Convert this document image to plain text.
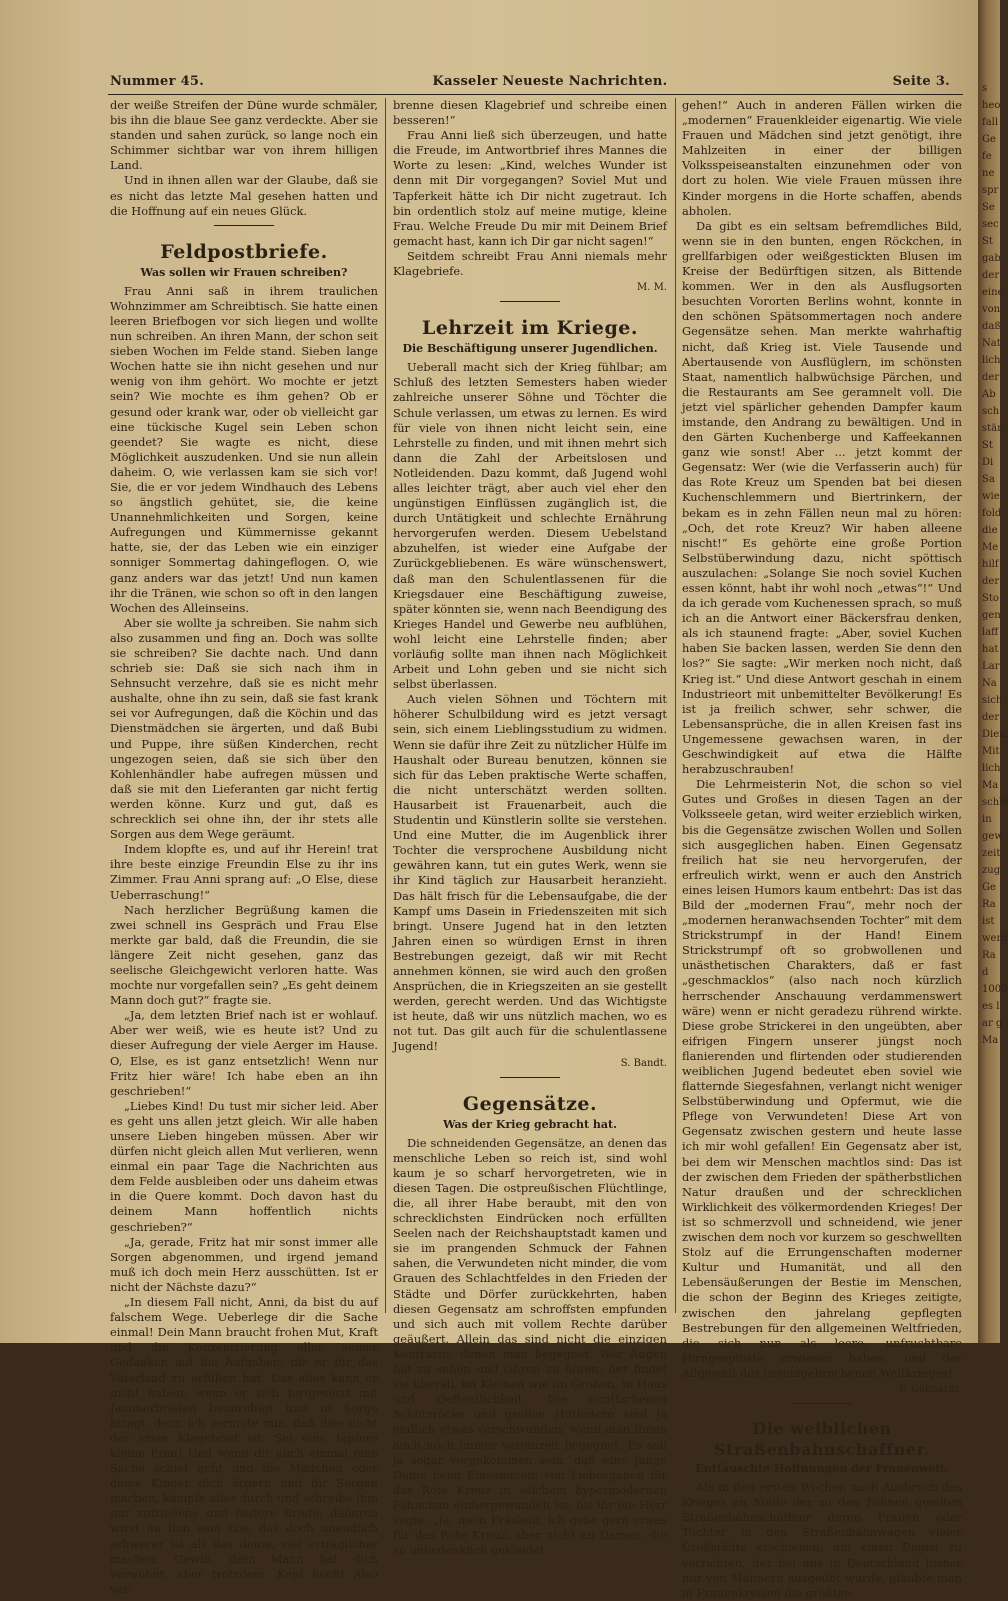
Nummer 45.	Kasseler Neueste Nachrichten.	Seite 3.

der weiße Streifen der Düne wurde schmäler, bis ihn die blaue See ganz verdeckte. Aber sie standen und sahen zurück, so lange noch ein Schimmer sichtbar war von ihrem hilligen Land.

Und in ihnen allen war der Glaube, daß sie es nicht das letzte Mal gesehen hatten und die Hoffnung auf ein neues Glück.

Feldpostbriefe.
Was sollen wir Frauen schreiben?

Frau Anni saß in ihrem traulichen Wohnzimmer am Schreibtisch. Sie hatte einen leeren Briefbogen vor sich liegen und wollte nun schreiben. An ihren Mann, der schon seit sieben Wochen im Felde stand. Sieben lange Wochen hatte sie ihn nicht gesehen und nur wenig von ihm gehört. Wo mochte er jetzt sein? Wie mochte es ihm gehen? Ob er gesund oder krank war, oder ob vielleicht gar eine tückische Kugel sein Leben schon geendet? Sie wagte es nicht, diese Möglichkeit auszudenken. Und sie nun allein daheim. O, wie verlassen kam sie sich vor! Sie, die er vor jedem Windhauch des Lebens so ängstlich gehütet, sie, die keine Unannehmlichkeiten und Sorgen, keine Aufregungen und Kümmernisse gekannt hatte, sie, der das Leben wie ein einziger sonniger Sommertag dahingeflogen. O, wie ganz anders war das jetzt! Und nun kamen ihr die Tränen, wie schon so oft in den langen Wochen des Alleinseins.

Aber sie wollte ja schreiben. Sie nahm sich also zusammen und fing an. Doch was sollte sie schreiben? Sie dachte nach. Und dann schrieb sie: Daß sie sich nach ihm in Sehnsucht verzehre, daß sie es nicht mehr aushalte, ohne ihn zu sein, daß sie fast krank sei vor Aufregungen, daß die Köchin und das Dienstmädchen sie ärgerten, und daß Bubi und Puppe, ihre süßen Kinderchen, recht ungezogen seien, daß sie sich über den Kohlenhändler habe aufregen müssen und daß sie mit den Lieferanten gar nicht fertig werden könne. Kurz und gut, daß es schrecklich sei ohne ihn, der ihr stets alle Sorgen aus dem Wege geräumt.

Indem klopfte es, und auf ihr Herein! trat ihre beste einzige Freundin Else zu ihr ins Zimmer. Frau Anni sprang auf: „O Else, diese Ueberraschung!“

Nach herzlicher Begrüßung kamen die zwei schnell ins Gespräch und Frau Else merkte gar bald, daß die Freundin, die sie längere Zeit nicht gesehen, ganz das seelische Gleichgewicht verloren hatte. Was mochte nur vorgefallen sein? „Es geht deinem Mann doch gut?“ fragte sie.

„Ja, dem letzten Brief nach ist er wohlauf. Aber wer weiß, wie es heute ist? Und zu dieser Aufregung der viele Aerger im Hause. O, Else, es ist ganz entsetzlich! Wenn nur Fritz hier wäre! Ich habe eben an ihn geschrieben!“

„Liebes Kind! Du tust mir sicher leid. Aber es geht uns allen jetzt gleich. Wir alle haben unsere Lieben hingeben müssen. Aber wir dürfen nicht gleich allen Mut verlieren, wenn einmal ein paar Tage die Nachrichten aus dem Felde ausbleiben oder uns daheim etwas in die Quere kommt. Doch davon hast du deinem Mann hoffentlich nichts geschrieben?“

„Ja, gerade, Fritz hat mir sonst immer alle Sorgen abgenommen, und irgend jemand muß ich doch mein Herz ausschütten. Ist er nicht der Nächste dazu?“

„In diesem Fall nicht, Anni, da bist du auf falschem Wege. Ueberlege dir die Sache einmal! Dein Mann braucht frohen Mut, Kraft und die Konzentrierung aller seiner Gedanken auf die Aufgaben, die er für das Vaterland zu erfüllen hat. Das alles kann er nicht haben, wenn er sich fortgesetzt mit Jammerbriefen beunruhigt und in Sorge bringt, denn ich vermute nun, daß dies nicht der erste Klagebrief ist. Sei eine tapfere kleine Frau! Und wenn dir auch einmal eine Sache schief geht und die Mädchen oder deine Kinder dich ärgern und dir Sorgen machen, kämpfe alles durch und schreibe ihm nur zufriedene und heitere Briefe; dadurch wirst du ihm sein Los, das doch unendlich schwerer ist als das deine, viel erträglicher machen. Gewiß, dein Mann hat dich verwöhnt, aber trotzdem: Kopf hoch! Also ver-

brenne diesen Klagebrief und schreibe einen besseren!“

Frau Anni ließ sich überzeugen, und hatte die Freude, im Antwortbrief ihres Mannes die Worte zu lesen: „Kind, welches Wunder ist denn mit Dir vorgegangen? Soviel Mut und Tapferkeit hätte ich Dir nicht zugetraut. Ich bin ordentlich stolz auf meine mutige, kleine Frau. Welche Freude Du mir mit Deinem Brief gemacht hast, kann ich Dir gar nicht sagen!“

Seitdem schreibt Frau Anni niemals mehr Klagebriefe.

M. M.
Lehrzeit im Kriege.
Die Beschäftigung unserer Jugendlichen.

Ueberall macht sich der Krieg fühlbar; am Schluß des letzten Semesters haben wieder zahlreiche unserer Söhne und Töchter die Schule verlassen, um etwas zu lernen. Es wird für viele von ihnen nicht leicht sein, eine Lehrstelle zu finden, und mit ihnen mehrt sich dann die Zahl der Arbeitslosen und Notleidenden. Dazu kommt, daß Jugend wohl alles leichter trägt, aber auch viel eher den ungünstigen Einflüssen zugänglich ist, die durch Untätigkeit und schlechte Ernährung hervorgerufen werden. Diesem Uebelstand abzuhelfen, ist wieder eine Aufgabe der Zurückgebliebenen. Es wäre wünschenswert, daß man den Schulentlassenen für die Kriegsdauer eine Beschäftigung zuweise, später könnten sie, wenn nach Beendigung des Krieges Handel und Gewerbe neu aufblühen, wohl leicht eine Lehrstelle finden; aber vorläufig sollte man ihnen nach Möglichkeit Arbeit und Lohn geben und sie nicht sich selbst überlassen.

Auch vielen Söhnen und Töchtern mit höherer Schulbildung wird es jetzt versagt sein, sich einem Lieblingsstudium zu widmen. Wenn sie dafür ihre Zeit zu nützlicher Hülfe im Haushalt oder Bureau benutzen, können sie sich für das Leben praktische Werte schaffen, die nicht unterschätzt werden sollten. Hausarbeit ist Frauenarbeit, auch die Studentin und Künstlerin sollte sie verstehen. Und eine Mutter, die im Augenblick ihrer Tochter die versprochene Ausbildung nicht gewähren kann, tut ein gutes Werk, wenn sie ihr Kind täglich zur Hausarbeit heranzieht. Das hält frisch für die Lebensaufgabe, die der Kampf ums Dasein in Friedenszeiten mit sich bringt. Unsere Jugend hat in den letzten Jahren einen so würdigen Ernst in ihren Bestrebungen gezeigt, daß wir mit Recht annehmen können, sie wird auch den großen Ansprüchen, die in Kriegszeiten an sie gestellt werden, gerecht werden. Und das Wichtigste ist heute, daß wir uns nützlich machen, wo es not tut. Das gilt auch für die schulentlassene Jugend!

S. Bandt.
Gegensätze.
Was der Krieg gebracht hat.

Die schneidenden Gegensätze, an denen das menschliche Leben so reich ist, sind wohl kaum je so scharf hervorgetreten, wie in diesen Tagen. Die ostpreußischen Flüchtlinge, die, all ihrer Habe beraubt, mit den von schrecklichsten Eindrücken noch erfüllten Seelen nach der Reichshauptstadt kamen und sie im prangenden Schmuck der Fahnen sahen, die Verwundeten nicht minder, die vom Grauen des Schlachtfeldes in den Frieden der Städte und Dörfer zurückkehrten, haben diesen Gegensatz am schroffsten empfunden und sich auch mit vollem Rechte darüber geäußert. Allein das sind nicht die einzigen Kontraste, denen man begegnet. Wer Augen hat zu sehen und Ohren zu hören, der findet sie überall, im Kleinen wie im Großen, in Haus und Oeffentlichkeit. Die buntfarbenen Schlitzröcke und grellen Hutfedern sind ja endlich etwas verschwunden, wenn man ihnen auch noch immer vereinzelt begegnet. Es soll ja sogar vorgekommen sein, daß eine junge Dame beim Einsammeln von Liebesgaben für das Rote Kreuz in solchem hypermodernen Fähnchen einhergewandelt ist, bis ihr ein Herr sagte: „Ja, mein Fräulein, ich gebe gern etwas für das Rote Kreuz, aber nicht an Damen, die so unbedenklich gekleidet

gehen!“ Auch in anderen Fällen wirken die „modernen“ Frauenkleider eigenartig. Wie viele Frauen und Mädchen sind jetzt genötigt, ihre Mahlzeiten in einer der billigen Volksspeiseanstalten einzunehmen oder von dort zu holen. Wie viele Frauen müssen ihre Kinder morgens in die Horte schaffen, abends abholen.

Da gibt es ein seltsam befremdliches Bild, wenn sie in den bunten, engen Röckchen, in grellfarbigen oder weißgestickten Blusen im Kreise der Bedürftigen sitzen, als Bittende kommen. Wer in den als Ausflugsorten besuchten Vororten Berlins wohnt, konnte in den schönen Spätsommertagen noch andere Gegensätze sehen. Man merkte wahrhaftig nicht, daß Krieg ist. Viele Tausende und Abertausende von Ausflüglern, im schönsten Staat, namentlich halbwüchsige Pärchen, und die Restaurants am See geramnelt voll. Die jetzt viel spärlicher gehenden Dampfer kaum imstande, den Andrang zu bewältigen. Und in den Gärten Kuchenberge und Kaffeekannen ganz wie sonst! Aber ... jetzt kommt der Gegensatz: Wer (wie die Verfasserin auch) für das Rote Kreuz um Spenden bat bei diesen Kuchenschlemmern und Biertrinkern, der bekam es in zehn Fällen neun mal zu hören: „Och, det rote Kreuz? Wir haben alleene nischt!“ Es gehörte eine große Portion Selbstüberwindung dazu, nicht spöttisch auszulachen: „Solange Sie noch soviel Kuchen essen könnt, habt ihr wohl noch „etwas“!“ Und da ich gerade vom Kuchenessen sprach, so muß ich an die Antwort einer Bäckersfrau denken, als ich staunend fragte: „Aber, soviel Kuchen haben Sie backen lassen, werden Sie denn den los?“ Sie sagte: „Wir merken noch nicht, daß Krieg ist.“ Und diese Antwort geschah in einem Industrieort mit unbemittelter Bevölkerung! Es ist ja freilich schwer, sehr schwer, die Lebensansprüche, die in allen Kreisen fast ins Ungemessene gewachsen waren, in der Geschwindigkeit auf etwa die Hälfte herabzuschrauben!

Die Lehrmeisterin Not, die schon so viel Gutes und Großes in diesen Tagen an der Volksseele getan, wird weiter erzieblich wirken, bis die Gegensätze zwischen Wollen und Sollen sich ausgeglichen haben. Einen Gegensatz freilich hat sie neu hervorgerufen, der erfreulich wirkt, wenn er auch den Anstrich eines leisen Humors kaum entbehrt: Das ist das Bild der „modernen Frau“, mehr noch der „modernen heranwachsenden Tochter“ mit dem Strickstrumpf in der Hand! Einem Strickstrumpf oft so grobwollenen und unästhetischen Charakters, daß er fast „geschmacklos“ (also nach noch kürzlich herrschender Anschauung verdammenswert wäre) wenn er nicht geradezu rührend wirkte. Diese grobe Strickerei in den ungeübten, aber eifrigen Fingern unserer jüngst noch flanierenden und flirtenden oder studierenden weiblichen Jugend bedeutet eben soviel wie flatternde Siegesfahnen, verlangt nicht weniger Selbstüberwindung und Opfermut, wie die Pflege von Verwundeten! Diese Art von Gegensatz zwischen gestern und heute lasse ich mir wohl gefallen! Ein Gegensatz aber ist, bei dem wir Menschen machtlos sind: Das ist der zwischen dem Frieden der spätherbstlichen Natur draußen und der schrecklichen Wirklichkeit des völkermordenden Krieges! Der ist so schmerzvoll und schneidend, wie jener zwischen dem noch vor kurzem so geschwellten Stolz auf die Errungenschaften moderner Kultur und Humanität, und all den Lebensäußerungen der Bestie im Menschen, die schon der Beginn des Krieges zeitigte, zwischen den jahrelang gepflegten Bestrebungen für den allgemeinen Weltfrieden, die sich nun als leere, unfruchtbare Hirngespinste erwiesen haben, und der Allgewalt des hereingebrochenen Weltkrieges!

F. Gebhardt.
Die weiblichen Straßenbahnschaffner.
Enttäuschte Hoffnungen der Frauenwelt.

Als in den ersten Wochen nach Ausbruch des Krieges an Stelle der zu den Fahnen geeilten Straßenbahnschaffner deren Frauen oder Töchter in den Straßenbahnwagen vieler Großstädte erschienen, um einen Dienst zu verrichten, der bei uns in Deutschland bisher nur von Männern ausgeübt wurde, glaubte man in Frauenkreisen die größten

s
heo
fall
Ge
fe
ne
spr
Se
sec
St
gab
der
eine
von
daß
Nat
lich
der
Ab
sch
stän
St
Di
Sa
wie
fold
die
Me
hilf
der
Sto
gen
laff
hat
Lar
Na
sich
der
Dien
Mit
lich
Ma
schle
in
gew
zeit
zug
Ge
Ra
ist
werd
Ra
d
1000
es l
ar g
Ma
